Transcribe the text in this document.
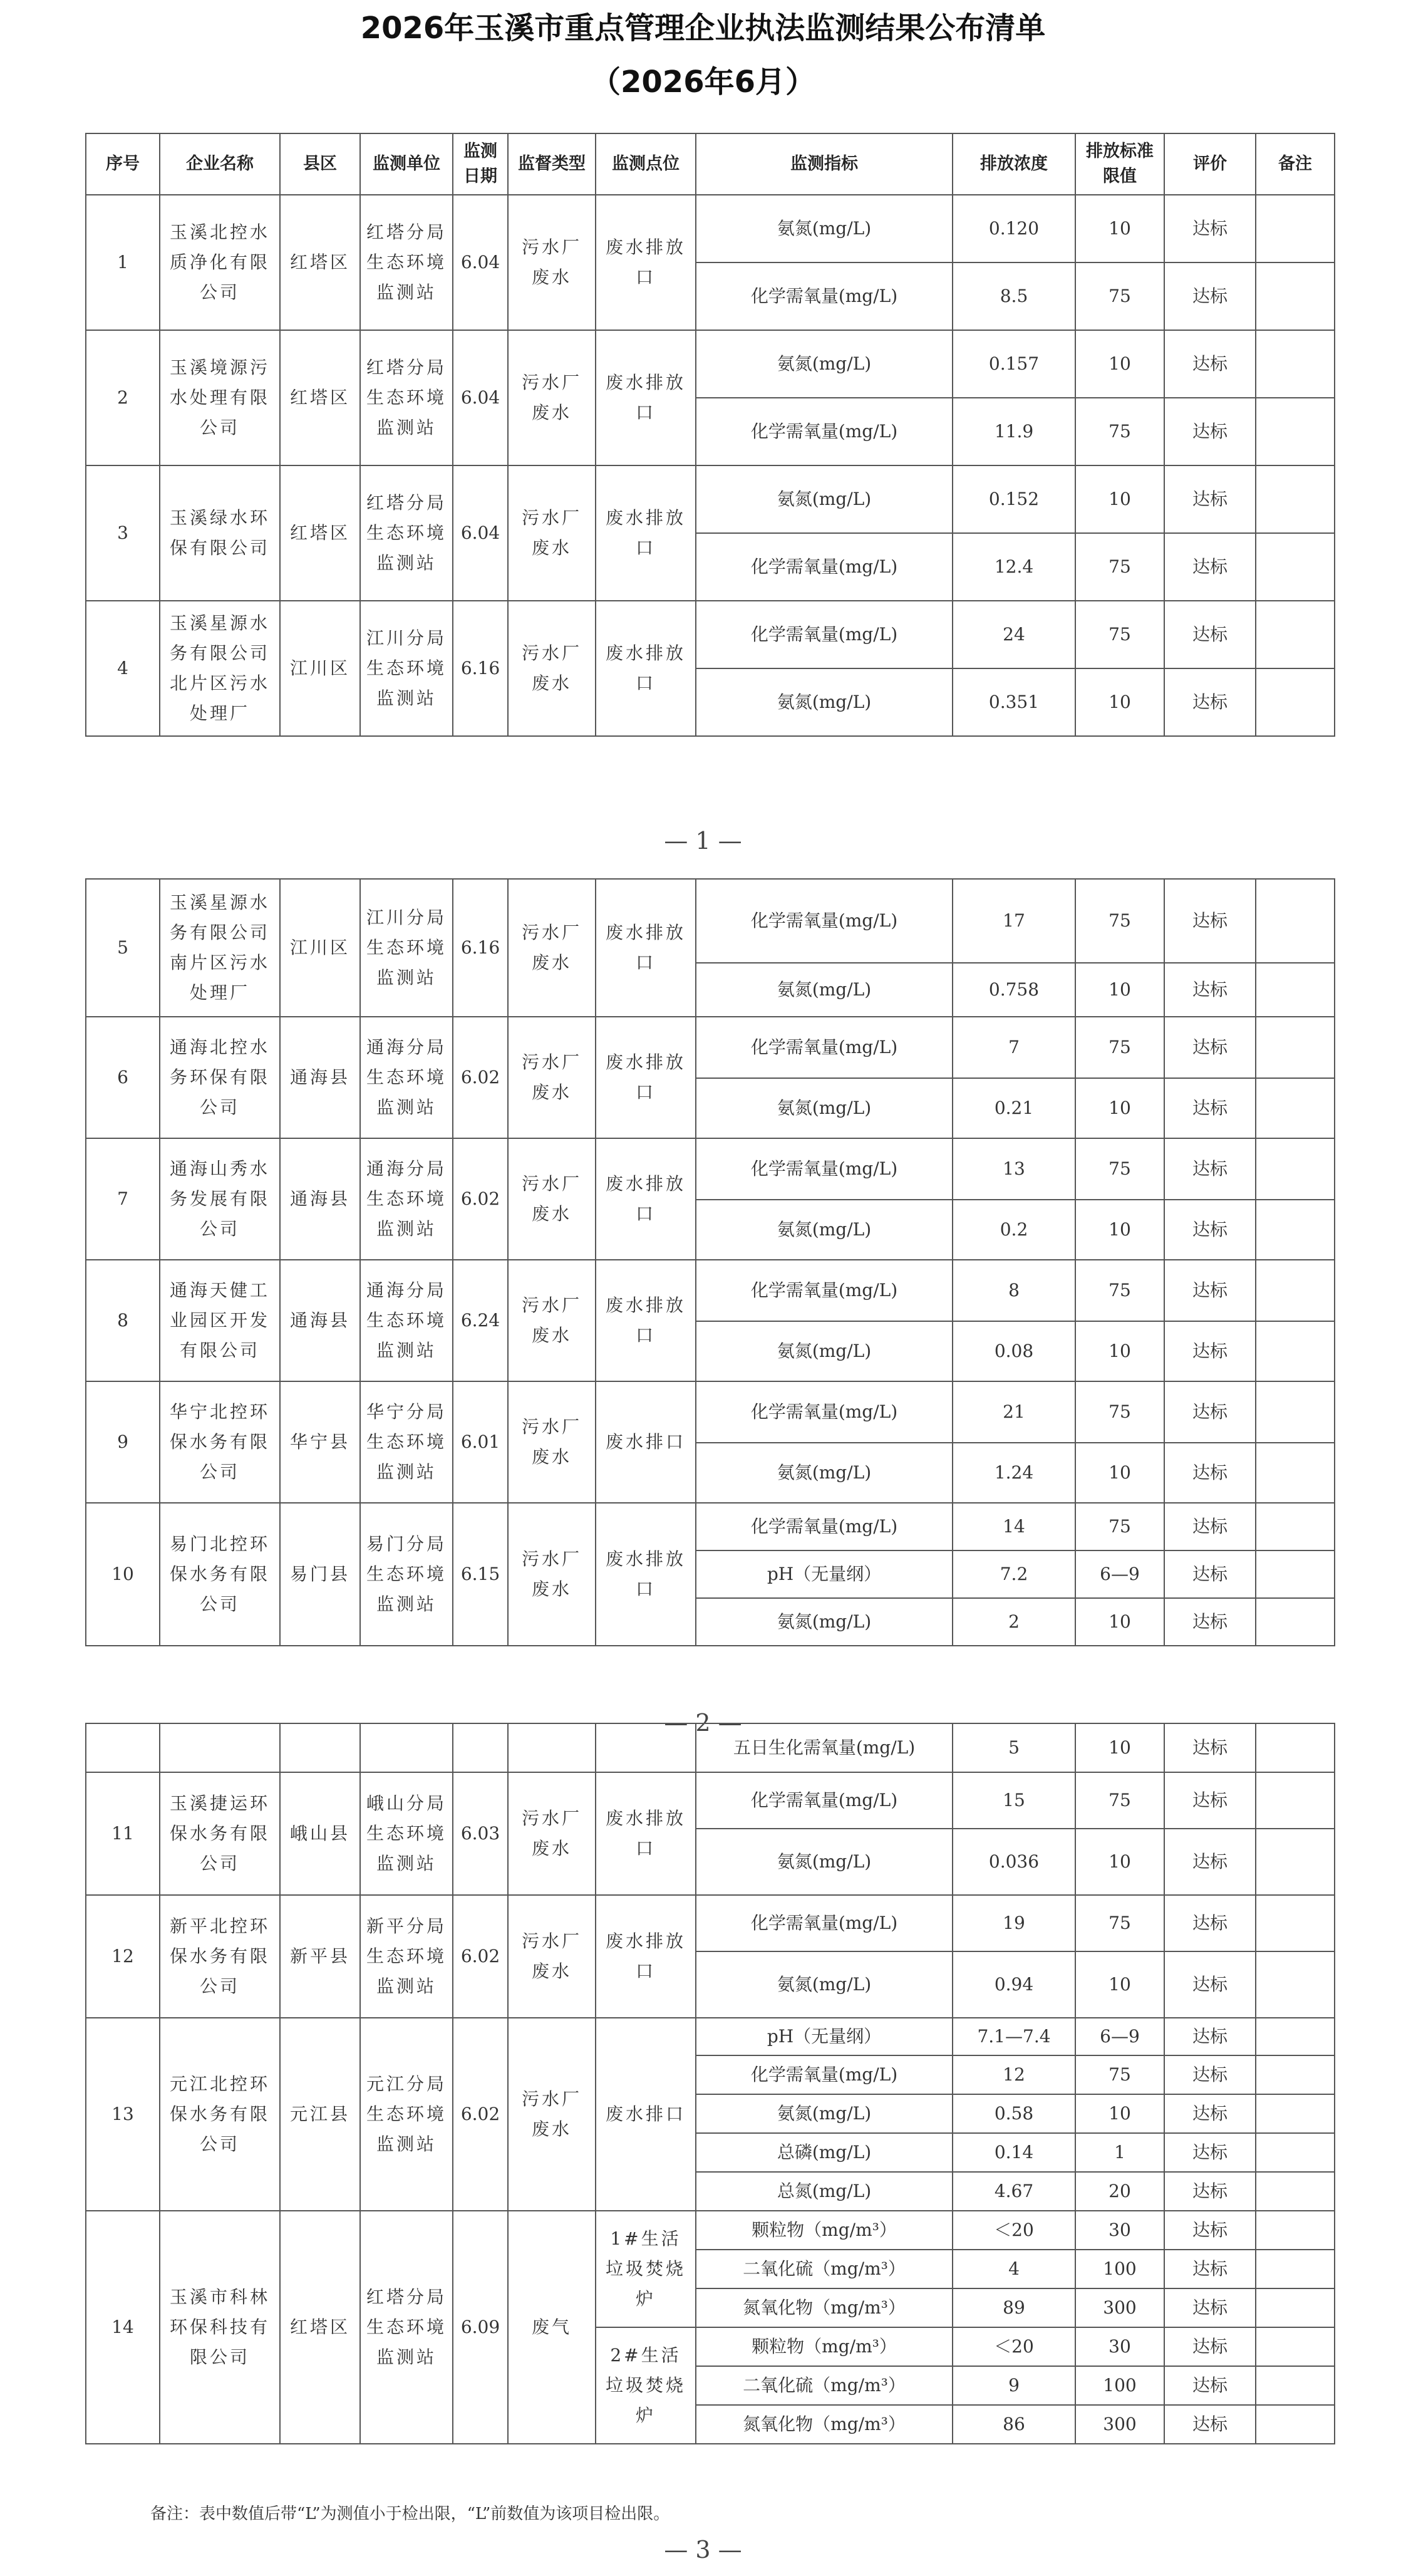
2026年玉溪市重点管理企业执法监测结果公布清单
（2026年6月）
序号	企业名称	县区	监测单位	监测日期	监督类型	监测点位	监测指标	排放浓度	排放标准限值	评价	备注
1	玉溪北控水质净化有限公司	红塔区	红塔分局生态环境监测站	6.04	污水厂废水	废水排放口	氨氮(mg/L)	0.120	10	达标	
							化学需氧量(mg/L)	8.5	75	达标	
2	玉溪境源污水处理有限公司	红塔区	红塔分局生态环境监测站	6.04	污水厂废水	废水排放口	氨氮(mg/L)	0.157	10	达标	
							化学需氧量(mg/L)	11.9	75	达标	
3	玉溪绿水环保有限公司	红塔区	红塔分局生态环境监测站	6.04	污水厂废水	废水排放口	氨氮(mg/L)	0.152	10	达标	
							化学需氧量(mg/L)	12.4	75	达标	
4	玉溪星源水务有限公司北片区污水处理厂	江川区	江川分局生态环境监测站	6.16	污水厂废水	废水排放口	化学需氧量(mg/L)	24	75	达标	
							氨氮(mg/L)	0.351	10	达标	
— 1 —
5	玉溪星源水务有限公司南片区污水处理厂	江川区	江川分局生态环境监测站	6.16	污水厂废水	废水排放口	化学需氧量(mg/L)	17	75	达标	
							氨氮(mg/L)	0.758	10	达标	
6	通海北控水务环保有限公司	通海县	通海分局生态环境监测站	6.02	污水厂废水	废水排放口	化学需氧量(mg/L)	7	75	达标	
							氨氮(mg/L)	0.21	10	达标	
7	通海山秀水务发展有限公司	通海县	通海分局生态环境监测站	6.02	污水厂废水	废水排放口	化学需氧量(mg/L)	13	75	达标	
							氨氮(mg/L)	0.2	10	达标	
8	通海天健工业园区开发有限公司	通海县	通海分局生态环境监测站	6.24	污水厂废水	废水排放口	化学需氧量(mg/L)	8	75	达标	
							氨氮(mg/L)	0.08	10	达标	
9	华宁北控环保水务有限公司	华宁县	华宁分局生态环境监测站	6.01	污水厂废水	废水排口	化学需氧量(mg/L)	21	75	达标	
							氨氮(mg/L)	1.24	10	达标	
10	易门北控环保水务有限公司	易门县	易门分局生态环境监测站	6.15	污水厂废水	废水排放口	化学需氧量(mg/L)	14	75	达标	
							pH（无量纲）	7.2	6—9	达标	
							氨氮(mg/L)	2	10	达标	
— 2 —
							五日生化需氧量(mg/L)	5	10	达标	
11	玉溪捷运环保水务有限公司	峨山县	峨山分局生态环境监测站	6.03	污水厂废水	废水排放口	化学需氧量(mg/L)	15	75	达标	
							氨氮(mg/L)	0.036	10	达标	
12	新平北控环保水务有限公司	新平县	新平分局生态环境监测站	6.02	污水厂废水	废水排放口	化学需氧量(mg/L)	19	75	达标	
							氨氮(mg/L)	0.94	10	达标	
13	元江北控环保水务有限公司	元江县	元江分局生态环境监测站	6.02	污水厂废水	废水排口	pH（无量纲）	7.1—7.4	6—9	达标	
							化学需氧量(mg/L)	12	75	达标	
							氨氮(mg/L)	0.58	10	达标	
							总磷(mg/L)	0.14	1	达标	
							总氮(mg/L)	4.67	20	达标	
14	玉溪市科林环保科技有限公司	红塔区	红塔分局生态环境监测站	6.09	废气	1#生活垃圾焚烧炉	颗粒物（mg/m³）	＜20	30	达标	
							二氧化硫（mg/m³）	4	100	达标	
							氮氧化物（mg/m³）	89	300	达标	
						2#生活垃圾焚烧炉	颗粒物（mg/m³）	＜20	30	达标	
							二氧化硫（mg/m³）	9	100	达标	
							氮氧化物（mg/m³）	86	300	达标	
— 3 —
备注：表中数值后带“L”为测值小于检出限，“L”前数值为该项目检出限。
